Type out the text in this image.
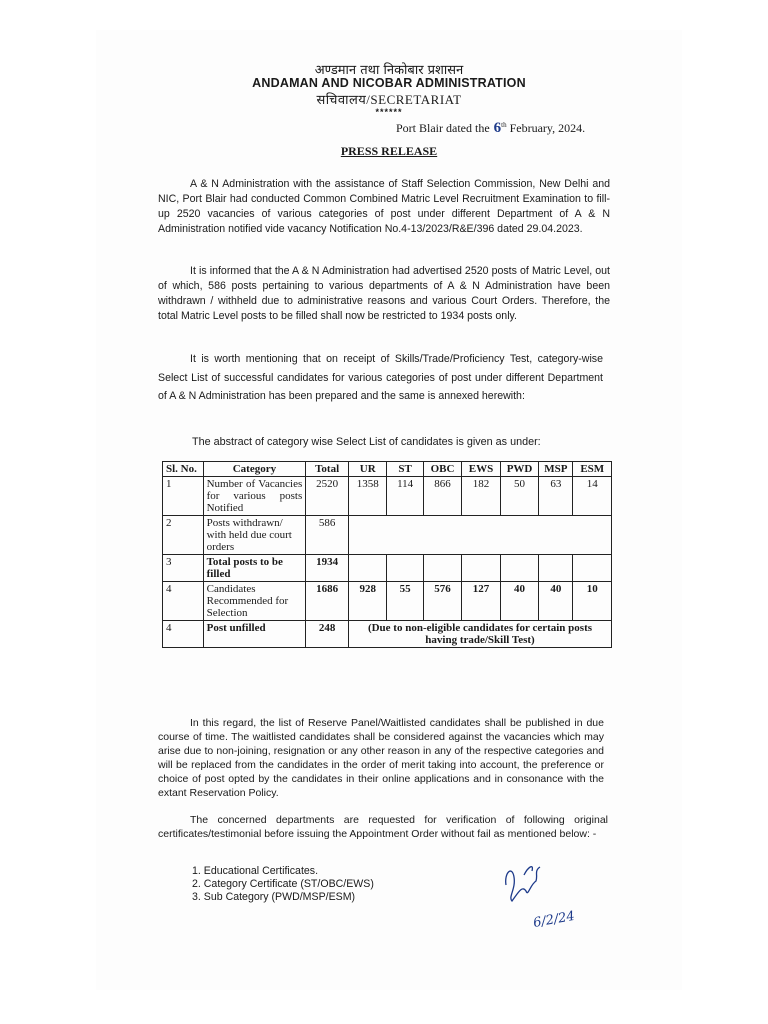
अण्डमान तथा निकोबार प्रशासन
ANDAMAN AND NICOBAR ADMINISTRATION
सचिवालय/SECRETARIAT
******
Port Blair dated the 6th February, 2024.
PRESS RELEASE
A & N Administration with the assistance of Staff Selection Commission, New Delhi and NIC, Port Blair had conducted Common Combined Matric Level Recruitment Examination to fill-up 2520 vacancies of various categories of post under different Department of A & N Administration notified vide vacancy Notification No.4-13/2023/R&E/396 dated 29.04.2023.
It is informed that the A & N Administration had advertised 2520 posts of Matric Level, out of which, 586 posts pertaining to various departments of A & N Administration have been withdrawn / withheld due to administrative reasons and various Court Orders. Therefore, the total Matric Level posts to be filled shall now be restricted to 1934 posts only.
It is worth mentioning that on receipt of Skills/Trade/Proficiency Test, category-wise Select List of successful candidates for various categories of post under different Department of A & N Administration has been prepared and the same is annexed herewith:
The abstract of category wise Select List of candidates is given as under:
Sl. No.	Category	Total	UR	ST	OBC	EWS	PWD	MSP	ESM
1	Number of Vacancies for various posts Notified	2520	1358	114	866	182	50	63	14
2	Posts withdrawn/ with held due court orders	586							
3	Total posts to be filled	1934							
4	Candidates Recommended for Selection	1686	928	55	576	127	40	40	10
4	Post unfilled	248	(Due to non-eligible candidates for certain posts having trade/Skill Test)						
In this regard, the list of Reserve Panel/Waitlisted candidates shall be published in due course of time. The waitlisted candidates shall be considered against the vacancies which may arise due to non-joining, resignation or any other reason in any of the respective categories and will be replaced from the candidates in the order of merit taking into account, the preference or choice of post opted by the candidates in their online applications and in consonance with the extant Reservation Policy.
The concerned departments are requested for verification of following original certificates/testimonial before issuing the Appointment Order without fail as mentioned below: -
1. Educational Certificates.
2. Category Certificate (ST/OBC/EWS)
3. Sub Category (PWD/MSP/ESM)
6/2/24
